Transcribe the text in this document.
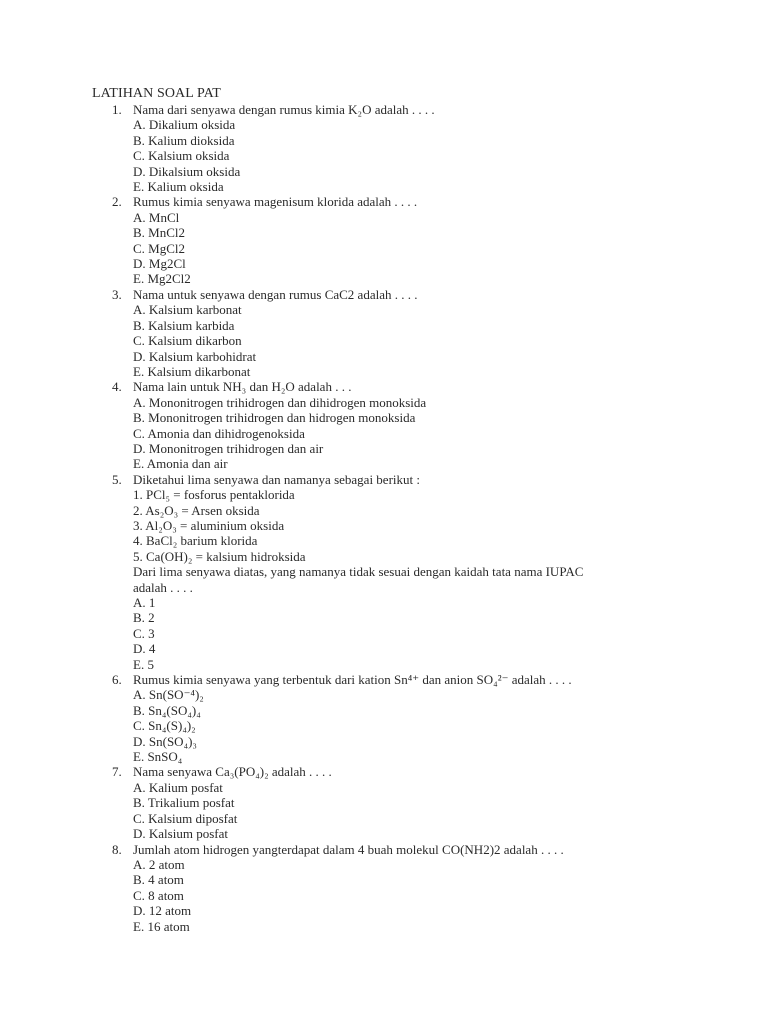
LATIHAN SOAL PAT
1. Nama dari senyawa dengan rumus kimia K₂O adalah . . . .
A. Dikalium oksida
B. Kalium dioksida
C. Kalsium oksida
D. Dikalsium oksida
E. Kalium oksida
2. Rumus kimia senyawa magenisum klorida adalah . . . .
A. MnCl
B. MnCl2
C. MgCl2
D. Mg2Cl
E. Mg2Cl2
3. Nama untuk senyawa dengan rumus CaC2 adalah . . . .
A. Kalsium karbonat
B. Kalsium karbida
C. Kalsium dikarbon
D. Kalsium karbohidrat
E. Kalsium dikarbonat
4. Nama lain untuk NH₃ dan H₂O adalah . . .
A. Mononitrogen trihidrogen dan dihidrogen monoksida
B. Mononitrogen trihidrogen dan hidrogen monoksida
C. Amonia dan dihidrogenoksida
D. Mononitrogen trihidrogen dan air
E. Amonia dan air
5. Diketahui lima senyawa dan namanya sebagai berikut :
1. PCl₅ = fosforus pentaklorida
2. As₂O₃ = Arsen oksida
3. Al₂O₃ = aluminium oksida
4. BaCl₂ barium klorida
5. Ca(OH)₂ = kalsium hidroksida
Dari lima senyawa diatas, yang namanya tidak sesuai dengan kaidah tata nama IUPAC
adalah . . . .
A. 1
B. 2
C. 3
D. 4
E. 5
6. Rumus kimia senyawa yang terbentuk dari kation Sn⁴⁺ dan anion SO₄²⁻ adalah . . . .
A. Sn(SO⁻⁴)₂
B. Sn₄(SO₄)₄
C. Sn₄(S)₄)₂
D. Sn(SO₄)₃
E. SnSO₄
7. Nama senyawa Ca₃(PO₄)₂ adalah . . . .
A. Kalium posfat
B. Trikalium posfat
C. Kalsium diposfat
D. Kalsium posfat
8. Jumlah atom hidrogen yangterdapat dalam 4 buah molekul CO(NH2)2 adalah . . . .
A. 2 atom
B. 4 atom
C. 8 atom
D. 12 atom
E. 16 atom
